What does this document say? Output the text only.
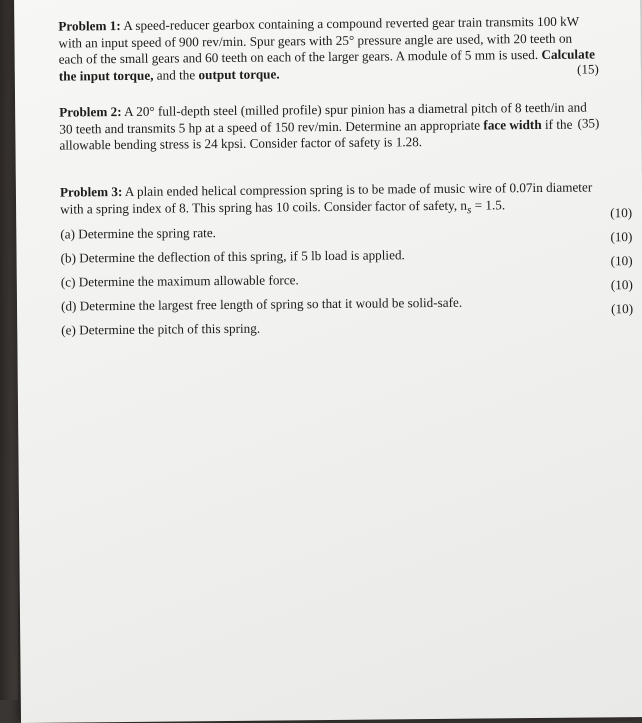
Problem 1: A speed-reducer gearbox containing a compound reverted gear train transmits 100 kW with an input speed of 900 rev/min. Spur gears with 25° pressure angle are used, with 20 teeth on each of the small gears and 60 teeth on each of the larger gears. A module of 5 mm is used. Calculate the input torque, and the output torque.	(15)

Problem 2: A 20° full-depth steel (milled profile) spur pinion has a diametral pitch of 8 teeth/in and 30 teeth and transmits 5 hp at a speed of 150 rev/min. Determine an appropriate face width if the allowable bending stress is 24 kpsi. Consider factor of safety is 1.28.

(35)

Problem 3: A plain ended helical compression spring is to be made of music wire of 0.07in diameter with a spring index of 8. This spring has 10 coils. Consider factor of safety, $n_s = 1.5$.

(a) Determine the spring rate.
(10)
(b) Determine the deflection of this spring, if 5 lb load is applied.
(10)
(c) Determine the maximum allowable force.
(10)
(d) Determine the largest free length of spring so that it would be solid-safe.
(10)
(e) Determine the pitch of this spring.
(10)
